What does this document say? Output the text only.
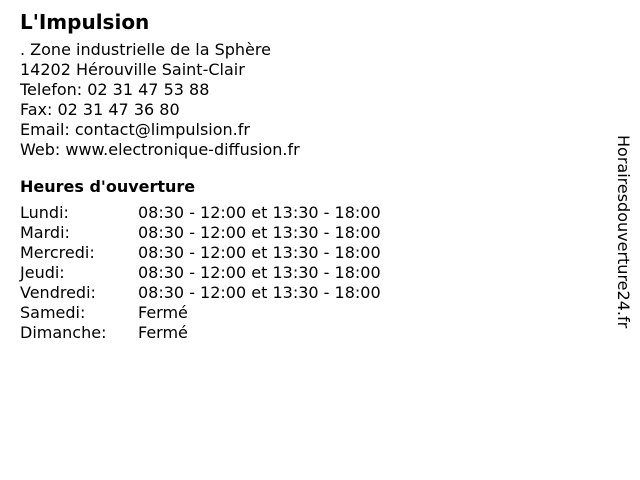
L'Impulsion
. Zone industrielle de la Sphère
14202 Hérouville Saint-Clair
Telefon: 02 31 47 53 88
Fax: 02 31 47 36 80
Email: contact@limpulsion.fr
Web: www.electronique-diffusion.fr
Heures d'ouverture
Lundi:	08:30 - 12:00 et 13:30 - 18:00
Mardi:	08:30 - 12:00 et 13:30 - 18:00
Mercredi:	08:30 - 12:00 et 13:30 - 18:00
Jeudi:	08:30 - 12:00 et 13:30 - 18:00
Vendredi:	08:30 - 12:00 et 13:30 - 18:00
Samedi:	Fermé
Dimanche:	Fermé
Horairesdouverture24.fr
